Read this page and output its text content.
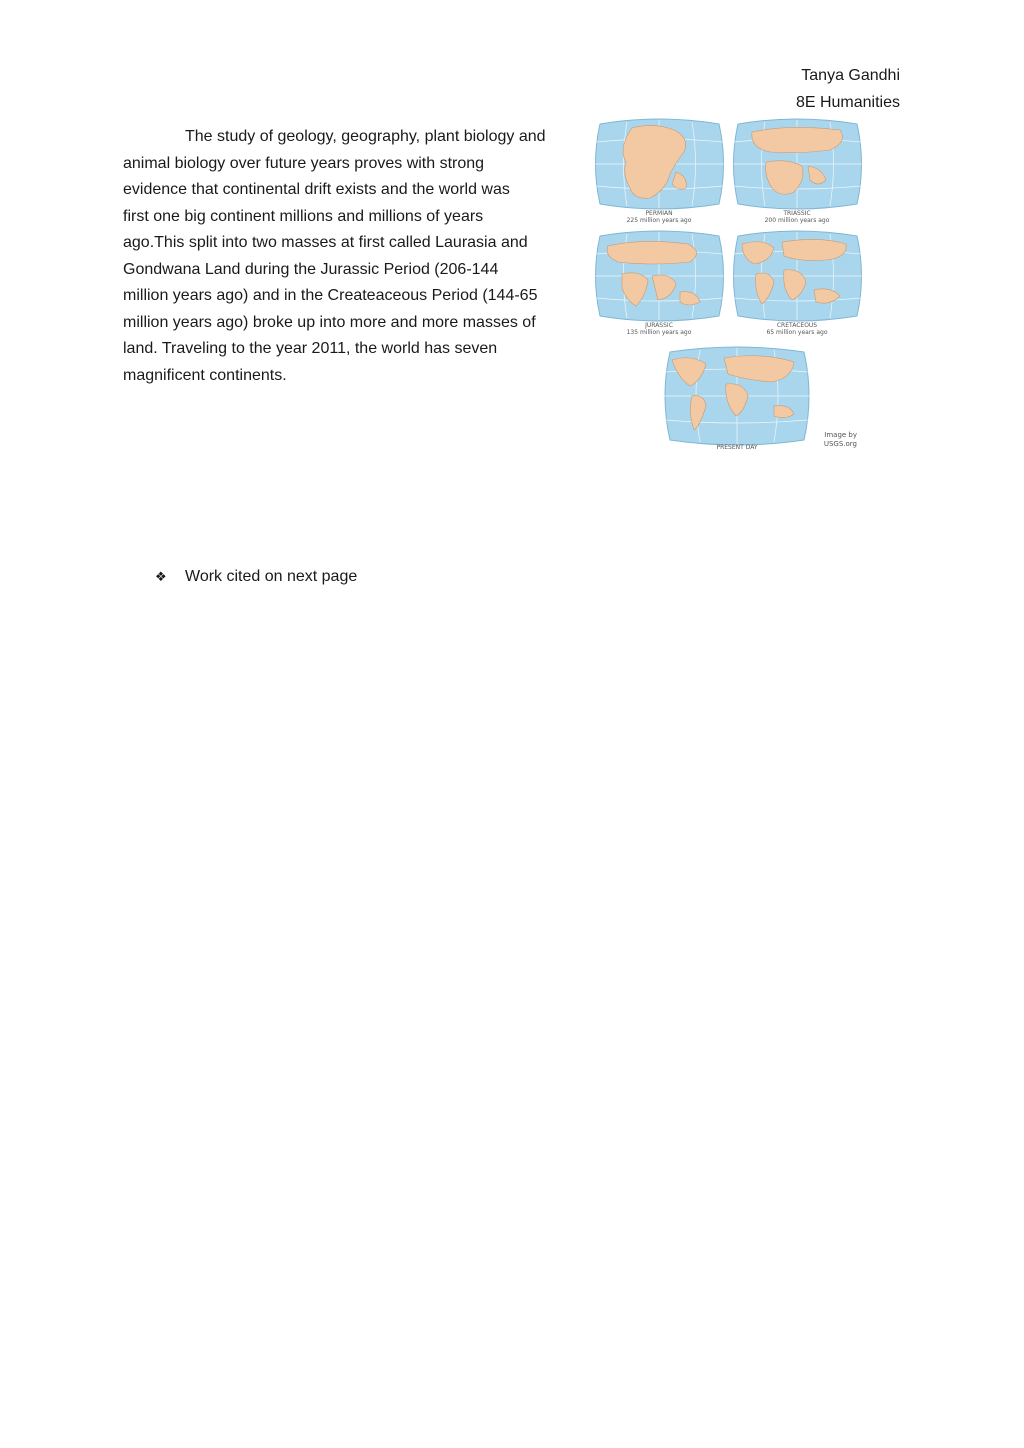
Tanya Gandhi
8E Humanities
The study of geology, geography, plant biology and
animal biology over future years proves with strong
evidence that continental drift exists and the world was
first one big continent millions and millions of years
ago.This split into two masses at first called Laurasia and
Gondwana Land during the Jurassic Period (206-144
million years ago) and in the Createaceous Period (144-65
million years ago) broke up into more and more masses of
land. Traveling to the year 2011, the world has seven
magnificent continents.
PERMIAN
225 million years ago
TRIASSIC
200 million years ago
JURASSIC
135 million years ago
CRETACEOUS
65 million years ago
PRESENT DAY
Image by
USGS.org
❖	Work cited on next page
